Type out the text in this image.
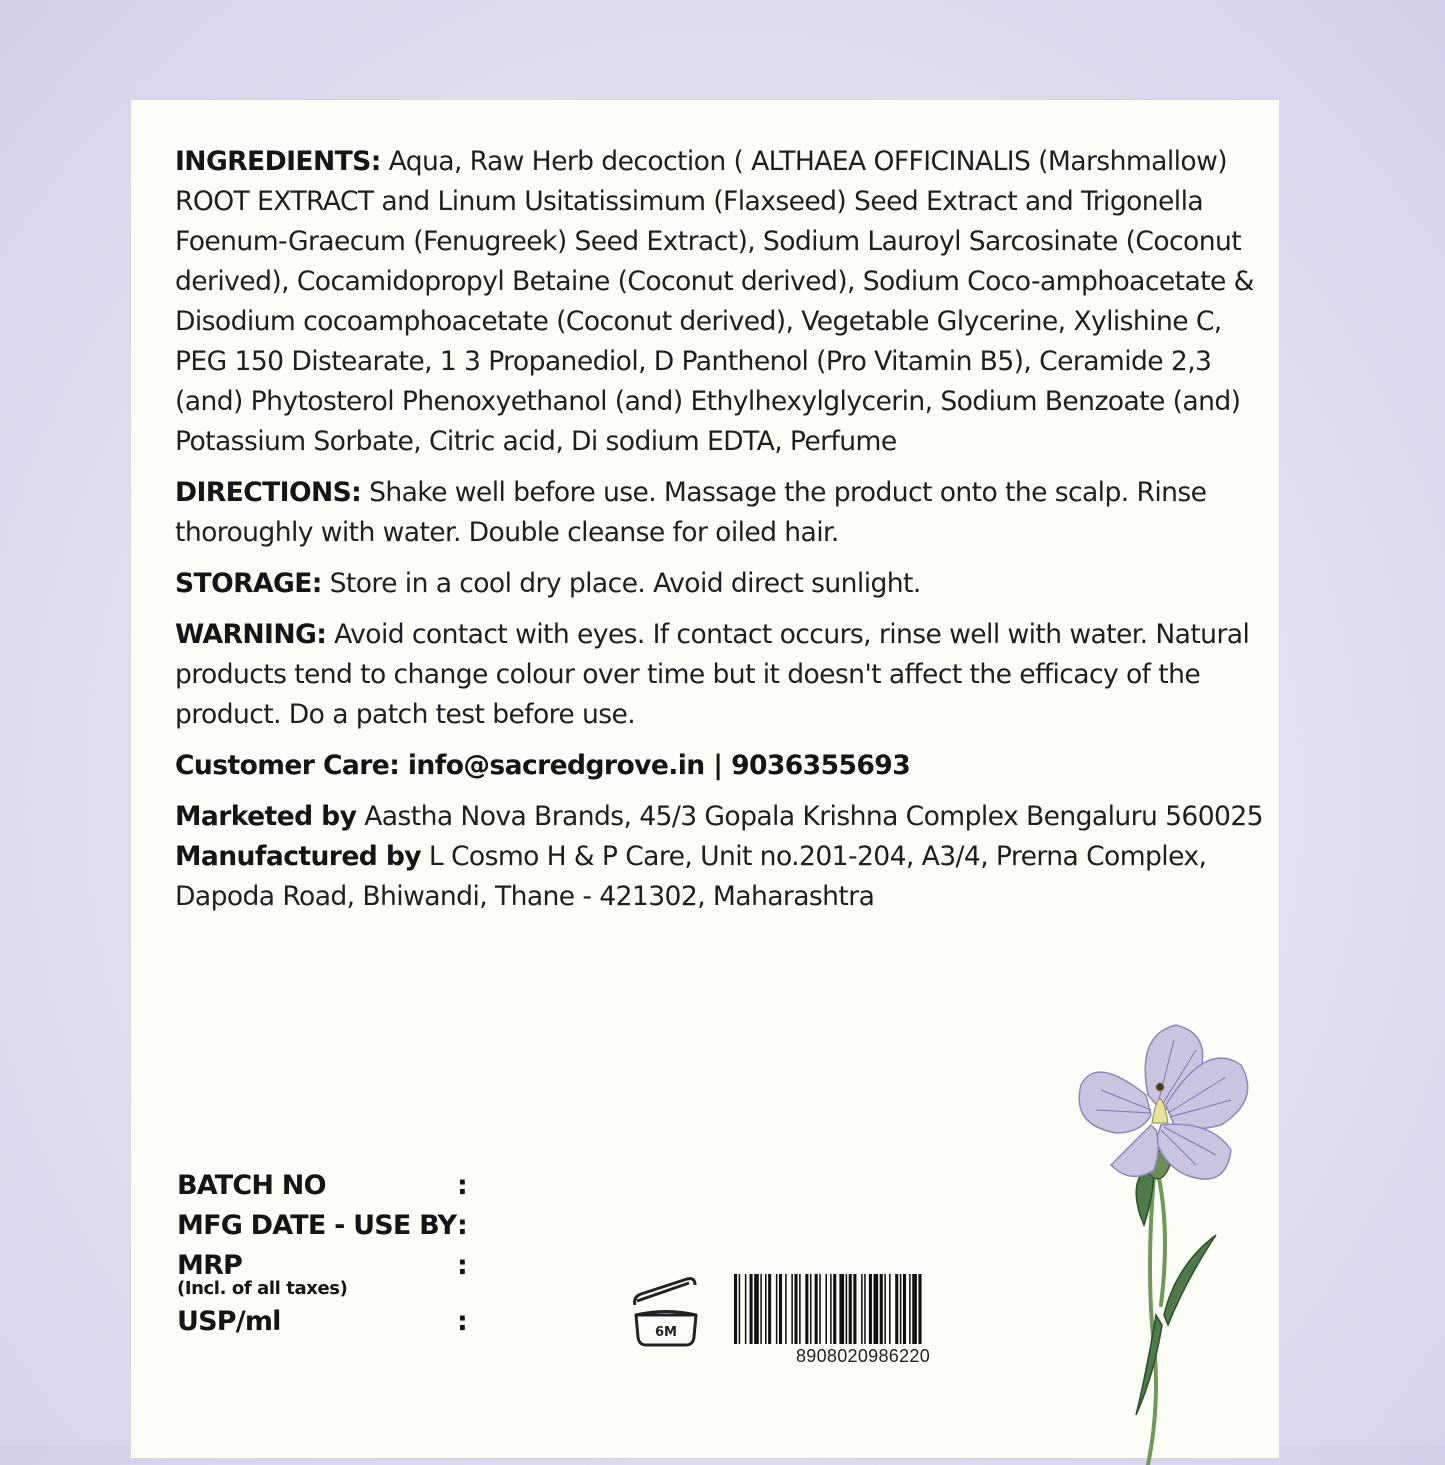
INGREDIENTS: Aqua, Raw Herb decoction ( ALTHAEA OFFICINALIS (Marshmallow) ROOT EXTRACT and Linum Usitatissimum (Flaxseed) Seed Extract and Trigonella Foenum-Graecum (Fenugreek) Seed Extract), Sodium Lauroyl Sarcosinate (Coconut derived), Cocamidopropyl Betaine (Coconut derived), Sodium Coco-amphoacetate & Disodium cocoamphoacetate (Coconut derived), Vegetable Glycerine, Xylishine C, PEG 150 Distearate, 1 3 Propanediol, D Panthenol (Pro Vitamin B5), Ceramide 2,3 (and) Phytosterol Phenoxyethanol (and) Ethylhexylglycerin, Sodium Benzoate (and) Potassium Sorbate, Citric acid, Di sodium EDTA, Perfume

DIRECTIONS: Shake well before use. Massage the product onto the scalp. Rinse thoroughly with water. Double cleanse for oiled hair.

STORAGE: Store in a cool dry place. Avoid direct sunlight.

WARNING: Avoid contact with eyes. If contact occurs, rinse well with water. Natural products tend to change colour over time but it doesn't affect the efficacy of the product. Do a patch test before use.

Customer Care: info@sacredgrove.in | 9036355693

Marketed by Aastha Nova Brands, 45/3 Gopala Krishna Complex Bengaluru 560025

Manufactured by L Cosmo H & P Care, Unit no.201-204, A3/4, Prerna Complex, Dapoda Road, Bhiwandi, Thane - 421302, Maharashtra

BATCH NO	:
MFG DATE - USE BY :
MRP	:
(Incl. of all taxes)
USP/ml	:	6M
8908020986220
